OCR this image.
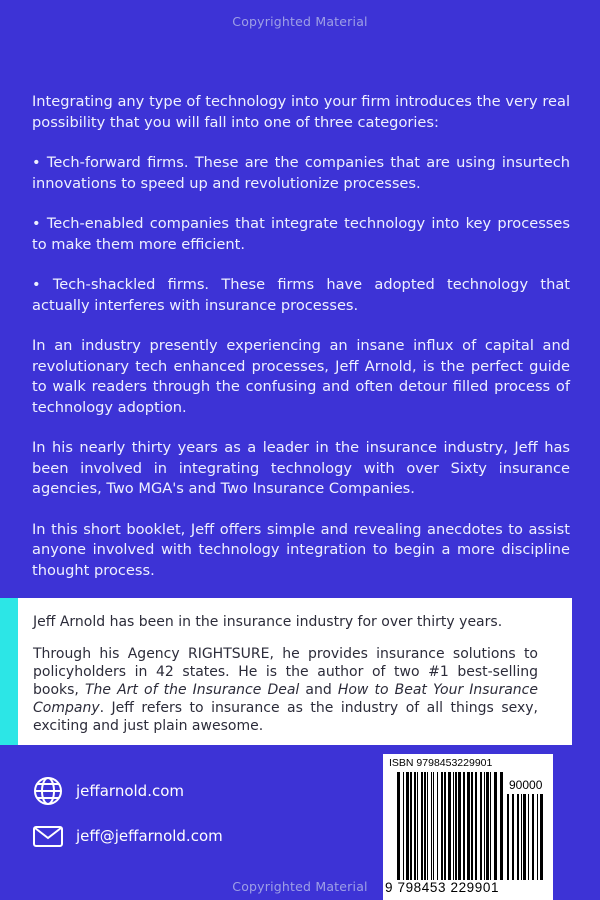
Copyrighted Material

Integrating any type of technology into your firm introduces the very real possibility that you will fall into one of three categories:

• Tech-forward firms. These are the companies that are using insurtech innovations to speed up and revolutionize processes.

• Tech-enabled companies that integrate technology into key processes to make them more efficient.

• Tech-shackled firms. These firms have adopted technology that actually interferes with insurance processes.

In an industry presently experiencing an insane influx of capital and revolutionary tech enhanced processes, Jeff Arnold, is the perfect guide to walk readers through the confusing and often detour filled process of technology adoption.

In his nearly thirty years as a leader in the insurance industry, Jeff has been involved in integrating technology with over Sixty insurance agencies, Two MGA's and Two Insurance Companies.

In this short booklet, Jeff offers simple and revealing anecdotes to assist anyone involved with technology integration to begin a more discipline thought process.

Jeff Arnold has been in the insurance industry for over thirty years.

Through his Agency RIGHTSURE, he provides insurance solutions to policyholders in 42 states. He is the author of two #1 best-selling books, The Art of the Insurance Deal and How to Beat Your Insurance Company. Jeff refers to insurance as the industry of all things sexy, exciting and just plain awesome.

jeffarnold.com
jeff@jeffarnold.com
ISBN 9798453229901
90000
9 798453 229901
Copyrighted Material
